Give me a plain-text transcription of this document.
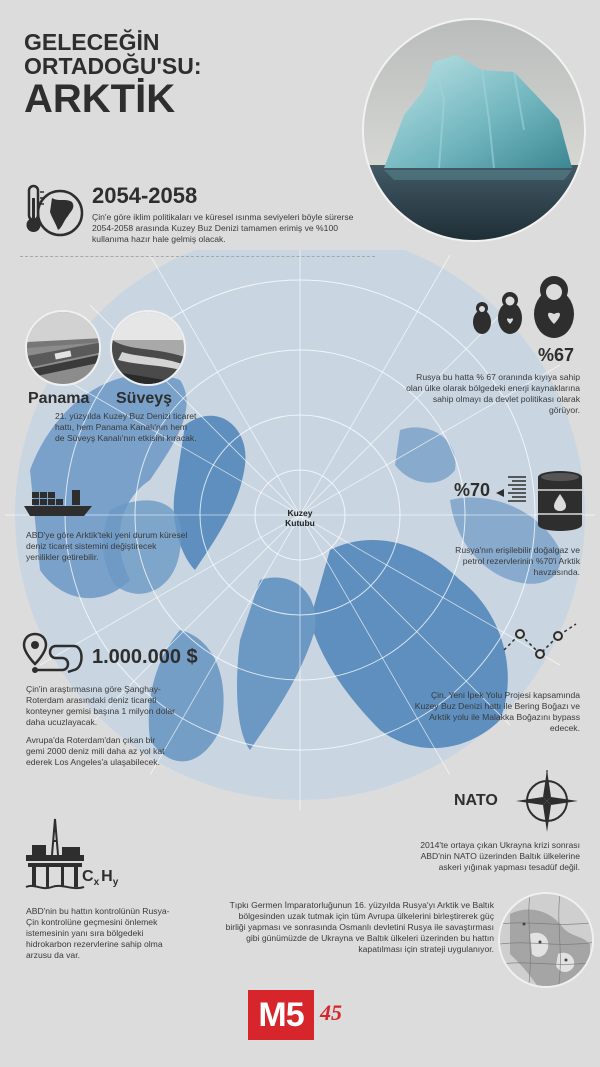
Kuzey
Kutubu
GELECEĞİN
ORTADOĞU'SU:
ARKTİK
2054-2058
Çin'e göre iklim politikaları ve küresel ısınma seviyeleri böyle sürerse 2054-2058 arasında Kuzey Buz Denizi tamamen erimiş ve %100 kullanıma hazır hale gelmiş olacak.
Panama Süveyş
21. yüzyılda Kuzey Buz Denizi ticaret hattı, hem Panama Kanalı'nın hem de Süveyş Kanalı'nın etkisini kıracak.
%67
Rusya bu hatta % 67 oranında kıyıya sahip olan ülke olarak bölgedeki enerji kaynaklarına sahip olmayı da devlet politikası olarak görüyor.
ABD'ye göre Arktik'teki yeni durum küresel deniz ticaret sistemini değiştirecek yenilikler getirebilir.
%70
Rusya'nın erişilebilir doğalgaz ve petrol rezervlerinin %70'i Arktik havzasında.
1.000.000 $
Çin'in araştırmasına göre Şanghay-Roterdam arasındaki deniz ticareti konteyner gemisi başına 1 milyon dolar daha ucuzlayacak.
Avrupa'da Roterdam'dan çıkan bir gemi 2000 deniz mili daha az yol kat ederek Los Angeles'a ulaşabilecek.
Çin, Yeni İpek Yolu Projesi kapsamında Kuzey Buz Denizi hattı ile Bering Boğazı ve Arktik yolu ile Malakka Boğazını bypass edecek.
NATO
2014'te ortaya çıkan Ukrayna krizi sonrası ABD'nin NATO üzerinden Baltık ülkelerine askeri yığınak yapması tesadüf değil.
$C_x$ $H_y$
ABD'nin bu hattın kontrolünün Rusya-Çin kontrolüne geçmesini önlemek istemesinin yanı sıra bölgedeki hidrokarbon rezervlerine sahip olma arzusu da var.
Tıpkı Germen İmparatorluğunun 16. yüzyılda Rusya'yı Arktik ve Baltık bölgesinden uzak tutmak için tüm Avrupa ülkelerini birleştirerek güç birliği yapması ve sonrasında Osmanlı devletini Rusya ile savaştırması gibi günümüzde de Ukrayna ve Baltık ülkeleri üzerinden bu hattın kapatılması için strateji uygulanıyor.
M5 45
